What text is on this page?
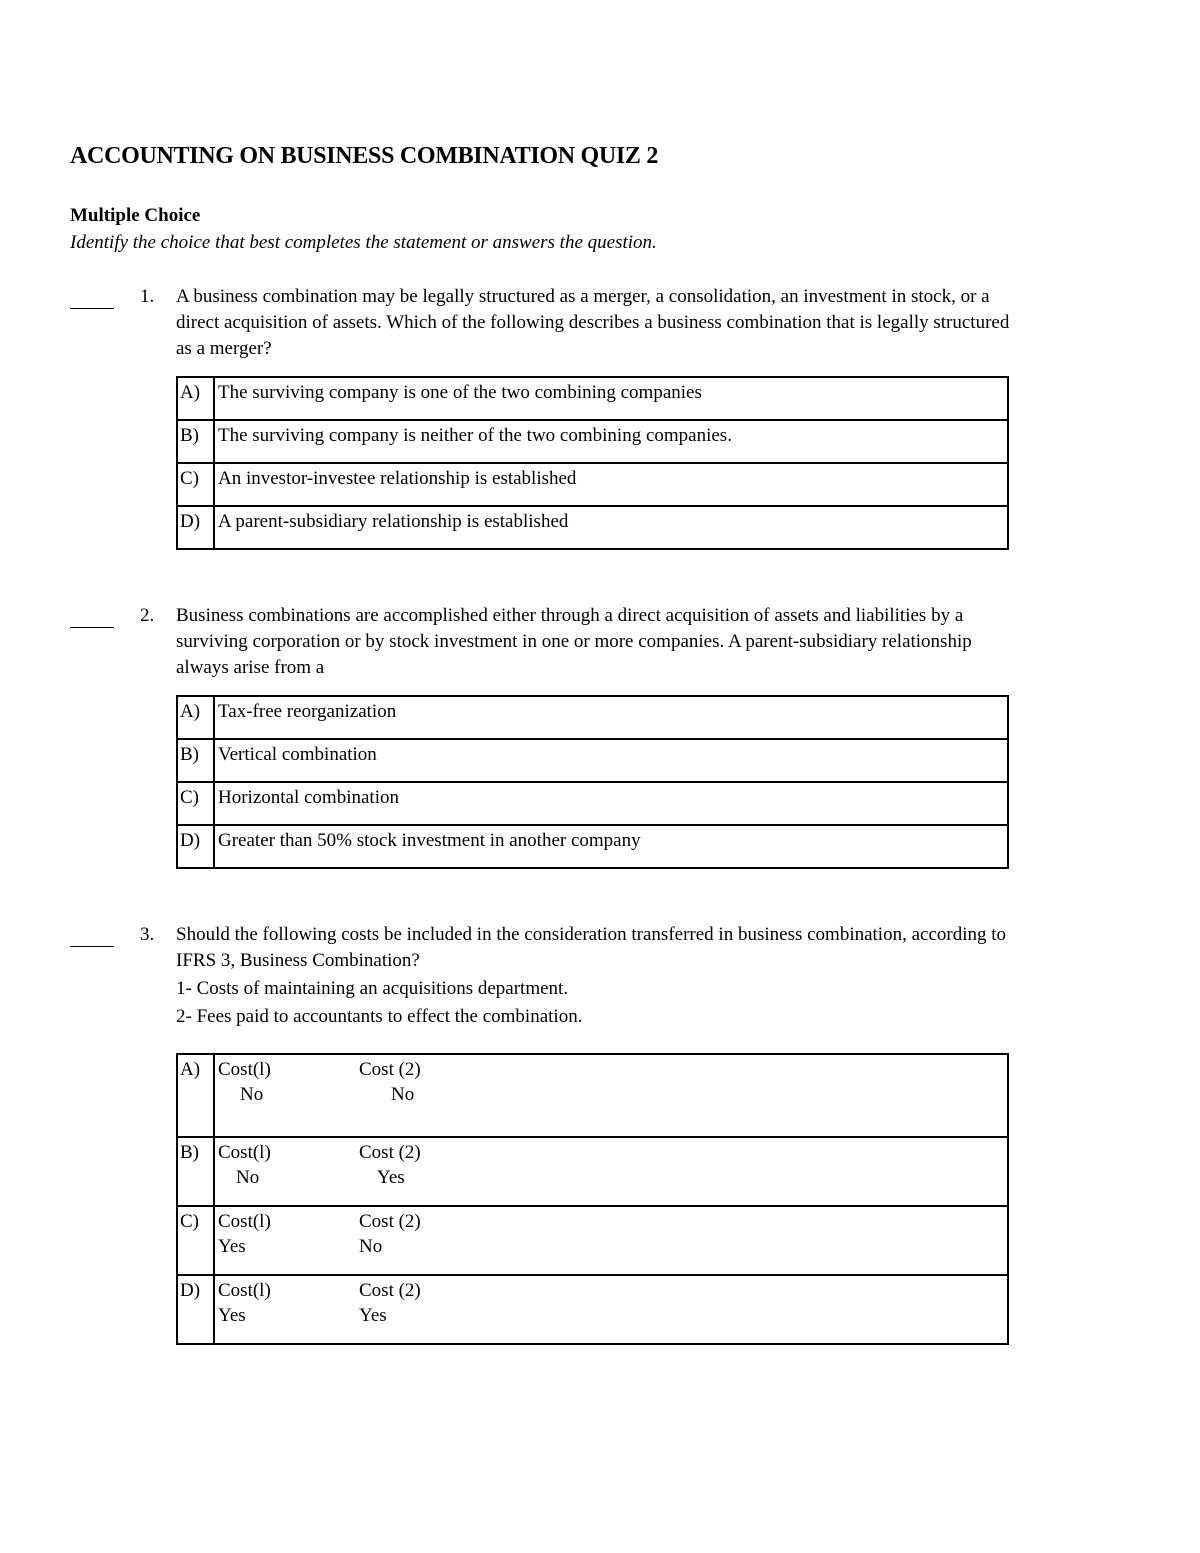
ACCOUNTING ON BUSINESS COMBINATION QUIZ 2
Multiple Choice
Identify the choice that best completes the statement or answers the question.
1. A business combination may be legally structured as a merger, a consolidation, an investment in stock, or a
direct acquisition of assets. Which of the following describes a business combination that is legally structured
as a merger?
A)	The surviving company is one of the two combining companies
B)	The surviving company is neither of the two combining companies.
C)	An investor-investee relationship is established
D)	A parent-subsidiary relationship is established
2. Business combinations are accomplished either through a direct acquisition of assets and liabilities by a
surviving corporation or by stock investment in one or more companies. A parent-subsidiary relationship
always arise from a
A)	Tax-free reorganization
B)	Vertical combination
C)	Horizontal combination
D)	Greater than 50% stock investment in another company
3. Should the following costs be included in the consideration transferred in business combination, according to
IFRS 3, Business Combination?
1- Costs of maintaining an acquisitions department.
2- Fees paid to accountants to effect the combination.
A)	Cost(l) Cost (2)
No No

B)	Cost(l) Cost (2)
No Yes

C)	Cost(l) Cost (2)
Yes No

D)	Cost(l) Cost (2)
Yes Yes
